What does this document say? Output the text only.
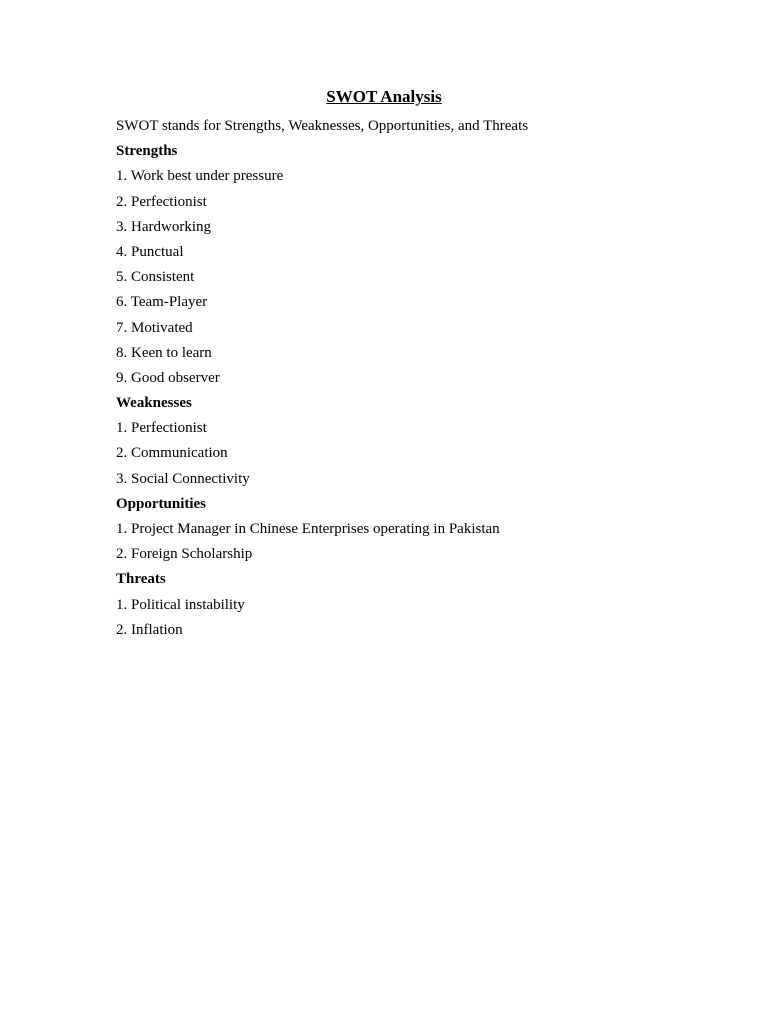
SWOT Analysis
SWOT stands for Strengths, Weaknesses, Opportunities, and Threats
Strengths
1. Work best under pressure
2. Perfectionist
3. Hardworking
4. Punctual
5. Consistent
6. Team-Player
7. Motivated
8. Keen to learn
9. Good observer
Weaknesses
1. Perfectionist
2. Communication
3. Social Connectivity
Opportunities
1. Project Manager in Chinese Enterprises operating in Pakistan
2. Foreign Scholarship
Threats
1. Political instability
2. Inflation
